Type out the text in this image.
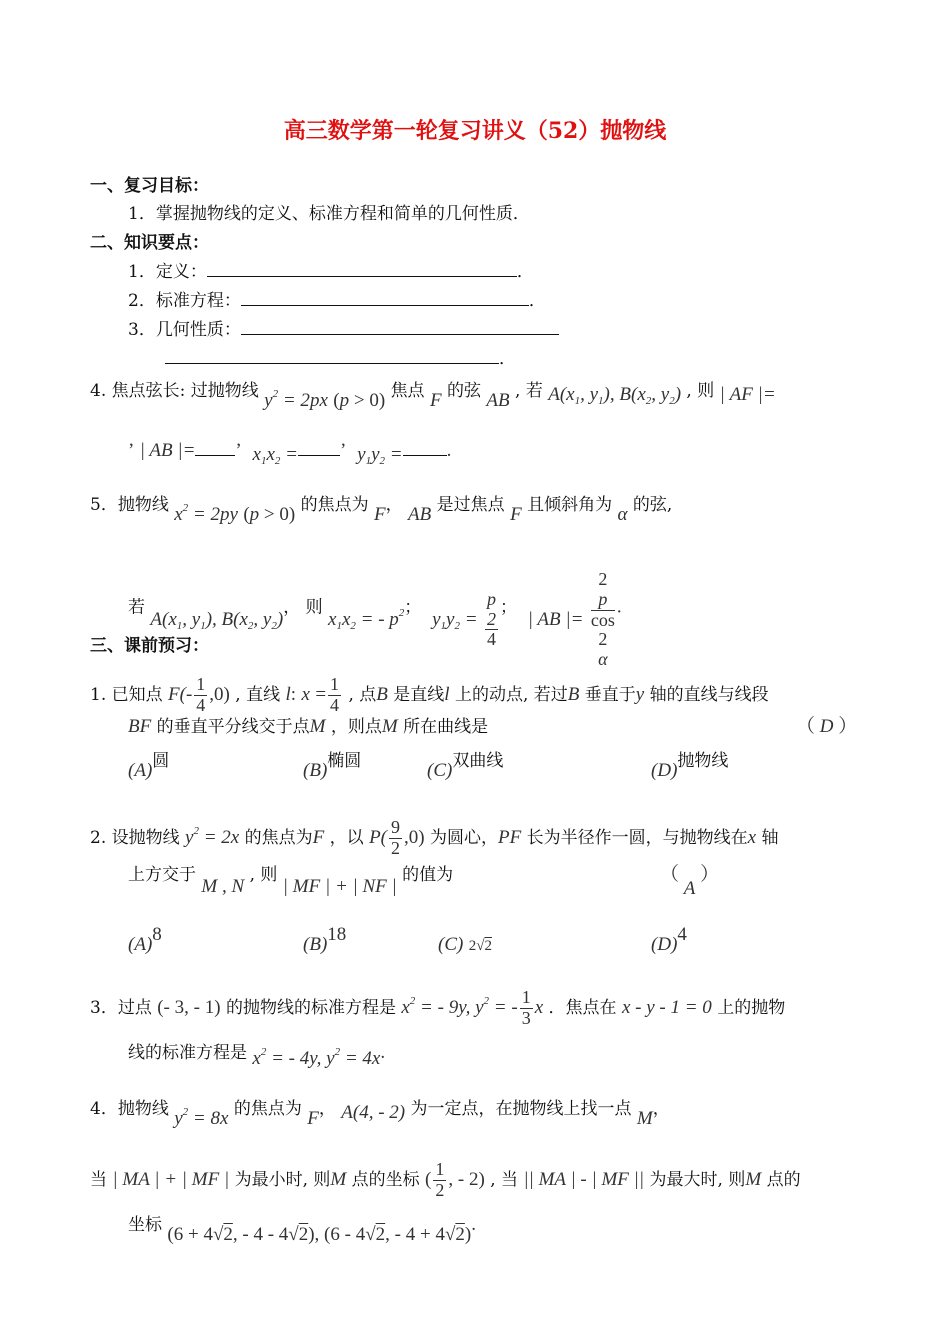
高三数学第一轮复习讲义（52）抛物线
一、复习目标：
1．掌握抛物线的定义、标准方程和简单的几何性质．
二、知识要点：
1．定义：	．
2．标准方程：	．
3．几何性质：
．
4. 焦点弦长: 过抛物线 $y^2 = 2px$ (p > 0) 焦点 F 的弦 AB , 若 $A(x_1$, $y_1$), $B(x_2$, $y_2$) , 则 | AF |=
’ | AB |= ’ $x_1x_2$ = ’ $y_1y_2$ = .
5．抛物线 $x^2 = 2py$ (p > 0) 的焦点为 F， AB 是过焦点 F 且倾斜角为 α 的弦,
若 $A(x_1$, $y_1$), $B(x_2$, $y_2$)， 则 $x_1x_2$ = - $p^2$；  $y_1y_2 = p$
2
4 ；  | AB |= 2
p
cos
2
α .
三、课前预习：
1. 已知点 $F(- \frac{1}{4} ,0)$ , 直线 l: $x = \frac{1}{4}$ , 点B 是直线l 上的动点, 若过B 垂直于y 轴的直线与线段
BF 的垂直平分线交于点M ，则点M 所在曲线是	（ D ）
(A)圆	(B)椭圆	(C)双曲线	(D)抛物线
2. 设抛物线 $y^2 = 2x$ 的焦点为F ，以 $P( \frac{9}{2} ,0)$ 为圆心，PF 长为半径作一圆，与抛物线在x 轴
上方交于 M , N , 则 | MF | + | NF | 的值为	（ A ）
(A)8	(B)18	(C) 2√2	(D)4
3．过点 (- 3, - 1) 的抛物线的标准方程是 $x^2$ = - 9y, $y^2$ = - $\frac{1}{3}$ x ．焦点在 x - y - 1 = 0 上的抛物
线的标准方程是 $x^2$ = - 4y, $y^2 = 4x$.
4．抛物线 $y^2 = 8x$ 的焦点为 F， A(4, - 2) 为一定点，在抛物线上找一点 M，
当 | MA | + | MF | 为最小时, 则M 点的坐标 ( $\frac{1}{2}$ , - 2) , 当 || MA | - | MF || 为最大时, 则M 点的
坐标 (6 + 4√2, - 4 - 4√2), (6 - 4√2, - 4 + 4√2).
